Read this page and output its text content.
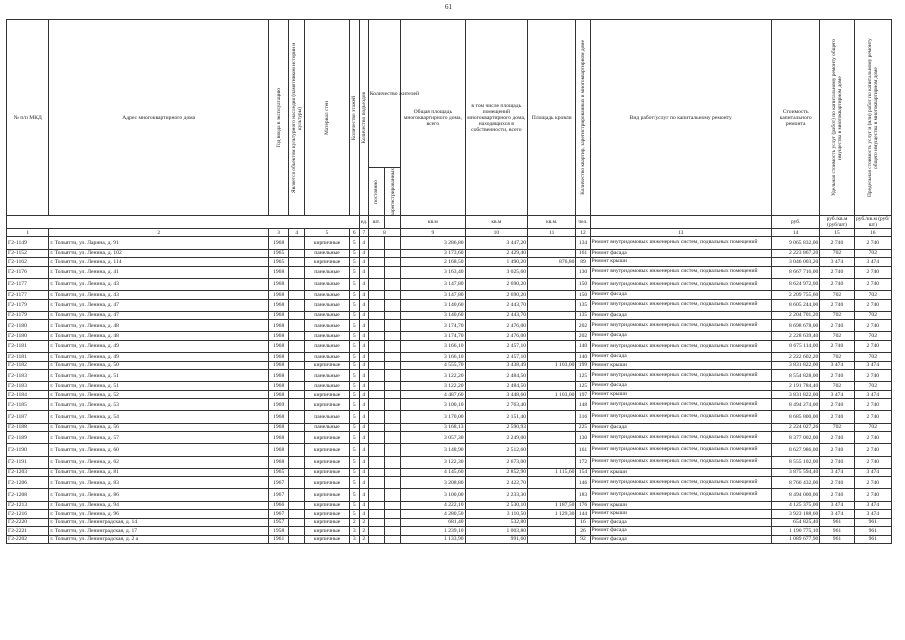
61
№ п/п МКД	Адрес многоквартирного дома	Год ввода в эксплуатацию	Является объектом культурного наследия (памятником истории и культуры)	Материал стен	Количество этажей	Количество подъездов	Количество жителей		Общая площадь многоквартирного дома, всего	в том числе площадь помещений многоквартирного дома, находящихся в собственности, всего	Площадь кровли	Количество квартир, зарегистрированных в многоквартирном доме	Вид работ/услуг по капитальному ремонту	Стоимость капитального ремонта	Удельная стоимость услуг (работ) по капитальному ремонту общего имущества в многоквартирном доме	Предельная стоимость услуг и (или) работ по капитальному ремонту общего имущества в многоквартирном доме

							постоянно	зарегистрированных								

						ед.	шт.		кв.м	кв.м	кв.м.	чел.		руб.	руб./кв.м (руб/шт)	руб./кв.м (руб/шт)
1	2	3	4	5	6	7	8		9	10	11	12	13	14	15	16
Г2-1149	г. Тольятти, ул. Ларина, д. 91	1968		кирпичные	5	4			3 286,80	3 447,20		134	Ремонт внутридомовых инженерных систем, подвальных помещений	9 065 832,00	2 740	2 740
Г2-1152	г. Тольятти, ул. Ленина, д. 102	1965		панельные	5	4			3 173,60	2 429,40		161	Ремонт фасада	2 223 867,20	702	702
Г2-1162	г. Тольятти, ул. Ленина, д. 114	1965		кирпичные	5	4			2 168,50	1 490,20	876,80	89	Ремонт крыши	3 046 003,20	3 474	3 474
Г2-1176	г. Тольятти, ул. Ленина, д. 41	1968		панельные	5	4			3 163,40	3 025,60		130	Ремонт внутридомовых инженерных систем, подвальных помещений	8 667 716,00	2 740	2 740
Г2-1177	г. Тольятти, ул. Ленина, д. 43	1968		панельные	5	4			3 147,80	2 690,20		150	Ремонт внутридомовых инженерных систем, подвальных помещений	8 624 972,00	2 740	2 740
Г2-1177	г. Тольятти, ул. Ленина, д. 43	1968		панельные	5	4			3 147,80	2 690,20		150	Ремонт фасада	2 209 755,60	702	702
Г2-1179	г. Тольятти, ул. Ленина, д. 47	1968		панельные	5	4			3 140,60	2 443,70		135	Ремонт внутридомовых инженерных систем, подвальных помещений	8 605 244,00	2 740	2 740
Г2-1179	г. Тольятти, ул. Ленина, д. 47	1968		панельные	5	4			3 140,60	2 443,70		135	Ремонт фасада	2 204 701,20	702	702
Г2-1180	г. Тольятти, ул. Ленина, д. 48	1968		панельные	5	4			3 174,70	2 476,00		202	Ремонт внутридомовых инженерных систем, подвальных помещений	8 698 678,00	2 740	2 740
Г2-1180	г. Тольятти, ул. Ленина, д. 48	1968		панельные	5	4			3 174,70	2 476,00		202	Ремонт фасада	2 228 639,40	702	702
Г2-1181	г. Тольятти, ул. Ленина, д. 49	1968		панельные	5	4			3 166,10	2 457,10		140	Ремонт внутридомовых инженерных систем, подвальных помещений	8 675 114,00	2 740	2 740
Г2-1181	г. Тольятти, ул. Ленина, д. 49	1968		панельные	5	4			3 166,10	2 457,10		140	Ремонт фасада	2 222 602,20	702	702
Г2-1182	г. Тольятти, ул. Ленина, д. 50	1968		кирпичные	5	4			4 555,70	3 438,49	1 103,00	199	Ремонт крыши	3 831 822,00	3 474	3 474
Г2-1183	г. Тольятти, ул. Ленина, д. 51	1968		панельные	5	4			3 122,20	2 484,50		125	Ремонт внутридомовых инженерных систем, подвальных помещений	8 554 828,00	2 740	2 740
Г2-1183	г. Тольятти, ул. Ленина, д. 51	1968		панельные	5	4			3 122,20	2 484,50		125	Ремонт фасада	2 191 784,40	702	702
Г2-1184	г. Тольятти, ул. Ленина, д. 52	1968		кирпичные	5	4			4 487,60	3 448,60	1 103,00	197	Ремонт крыши	3 831 822,00	3 474	3 474
Г2-1185	г. Тольятти, ул. Ленина, д. 53	1969		кирпичные	5	4			3 100,10	2 763,40		148	Ремонт внутридомовых инженерных систем, подвальных помещений	8 494 274,00	2 740	2 740
Г2-1187	г. Тольятти, ул. Ленина, д. 54	1968		панельные	5	4			3 170,00	2 151,40		316	Ремонт внутридомовых инженерных систем, подвальных помещений	8 685 800,00	2 740	2 740
Г2-1188	г. Тольятти, ул. Ленина, д. 56	1968		панельные	5	4			3 168,13	2 590,93		225	Ремонт фасада	2 224 027,26	702	702
Г2-1189	г. Тольятти, ул. Ленина, д. 57	1968		кирпичные	5	4			3 057,30	2 249,00		130	Ремонт внутридомовых инженерных систем, подвальных помещений	8 377 002,00	2 740	2 740
Г2-1190	г. Тольятти, ул. Ленина, д. 60	1968		кирпичные	5	4			3 148,90	2 512,60		161	Ремонт внутридомовых инженерных систем, подвальных помещений	8 627 986,00	2 740	2 740
Г2-1191	г. Тольятти, ул. Ленина, д. 62	1968		кирпичные	5	4			3 122,30	2 673,00		172	Ремонт внутридомовых инженерных систем, подвальных помещений	8 555 102,00	2 740	2 740
Г2-1203	г. Тольятти, ул. Ленина, д. 81	1965		кирпичные	5	4			4 145,60	2 852,90	1 115,60	154	Ремонт крыши	3 875 594,40	3 474	3 474
Г2-1206	г. Тольятти, ул. Ленина, д. 83	1967		кирпичные	5	4			3 208,80	2 422,70		146	Ремонт внутридомовых инженерных систем, подвальных помещений	8 766 432,00	2 740	2 740
Г2-1208	г. Тольятти, ул. Ленина, д. 86	1967		кирпичные	5	4			3 100,00	2 233,30		183	Ремонт внутридомовых инженерных систем, подвальных помещений	8 494 000,00	2 740	2 740
Г2-1213	г. Тольятти, ул. Ленина, д. 94	1966		кирпичные	5	4			4 222,10	2 530,10	1 187,50	176	Ремонт крыши	4 125 375,00	3 474	3 474
Г2-1216	г. Тольятти, ул. Ленина, д. 96	1967		кирпичные	5	4			4 280,50	3 110,50	1 129,30	144	Ремонт крыши	3 923 188,60	3 474	3 474
Г2-2220	г. Тольятти, ул. Ленинградская, д. 14	1957		кирпичные	2	2			681,40	532,80		16	Ремонт фасада	654 825,40	961	961
Г2-2221	г. Тольятти, ул. Ленинградская, д. 17	1958		кирпичные	3	2			1 239,10	1 003,80		26	Ремонт фасада	1 190 775,10	961	961
Г2-2202	г. Тольятти, ул. Ленинградская, д. 2 а	1961		кирпичные	3	2			1 133,90	991,60		92	Ремонт фасада	1 089 677,90	961	961
